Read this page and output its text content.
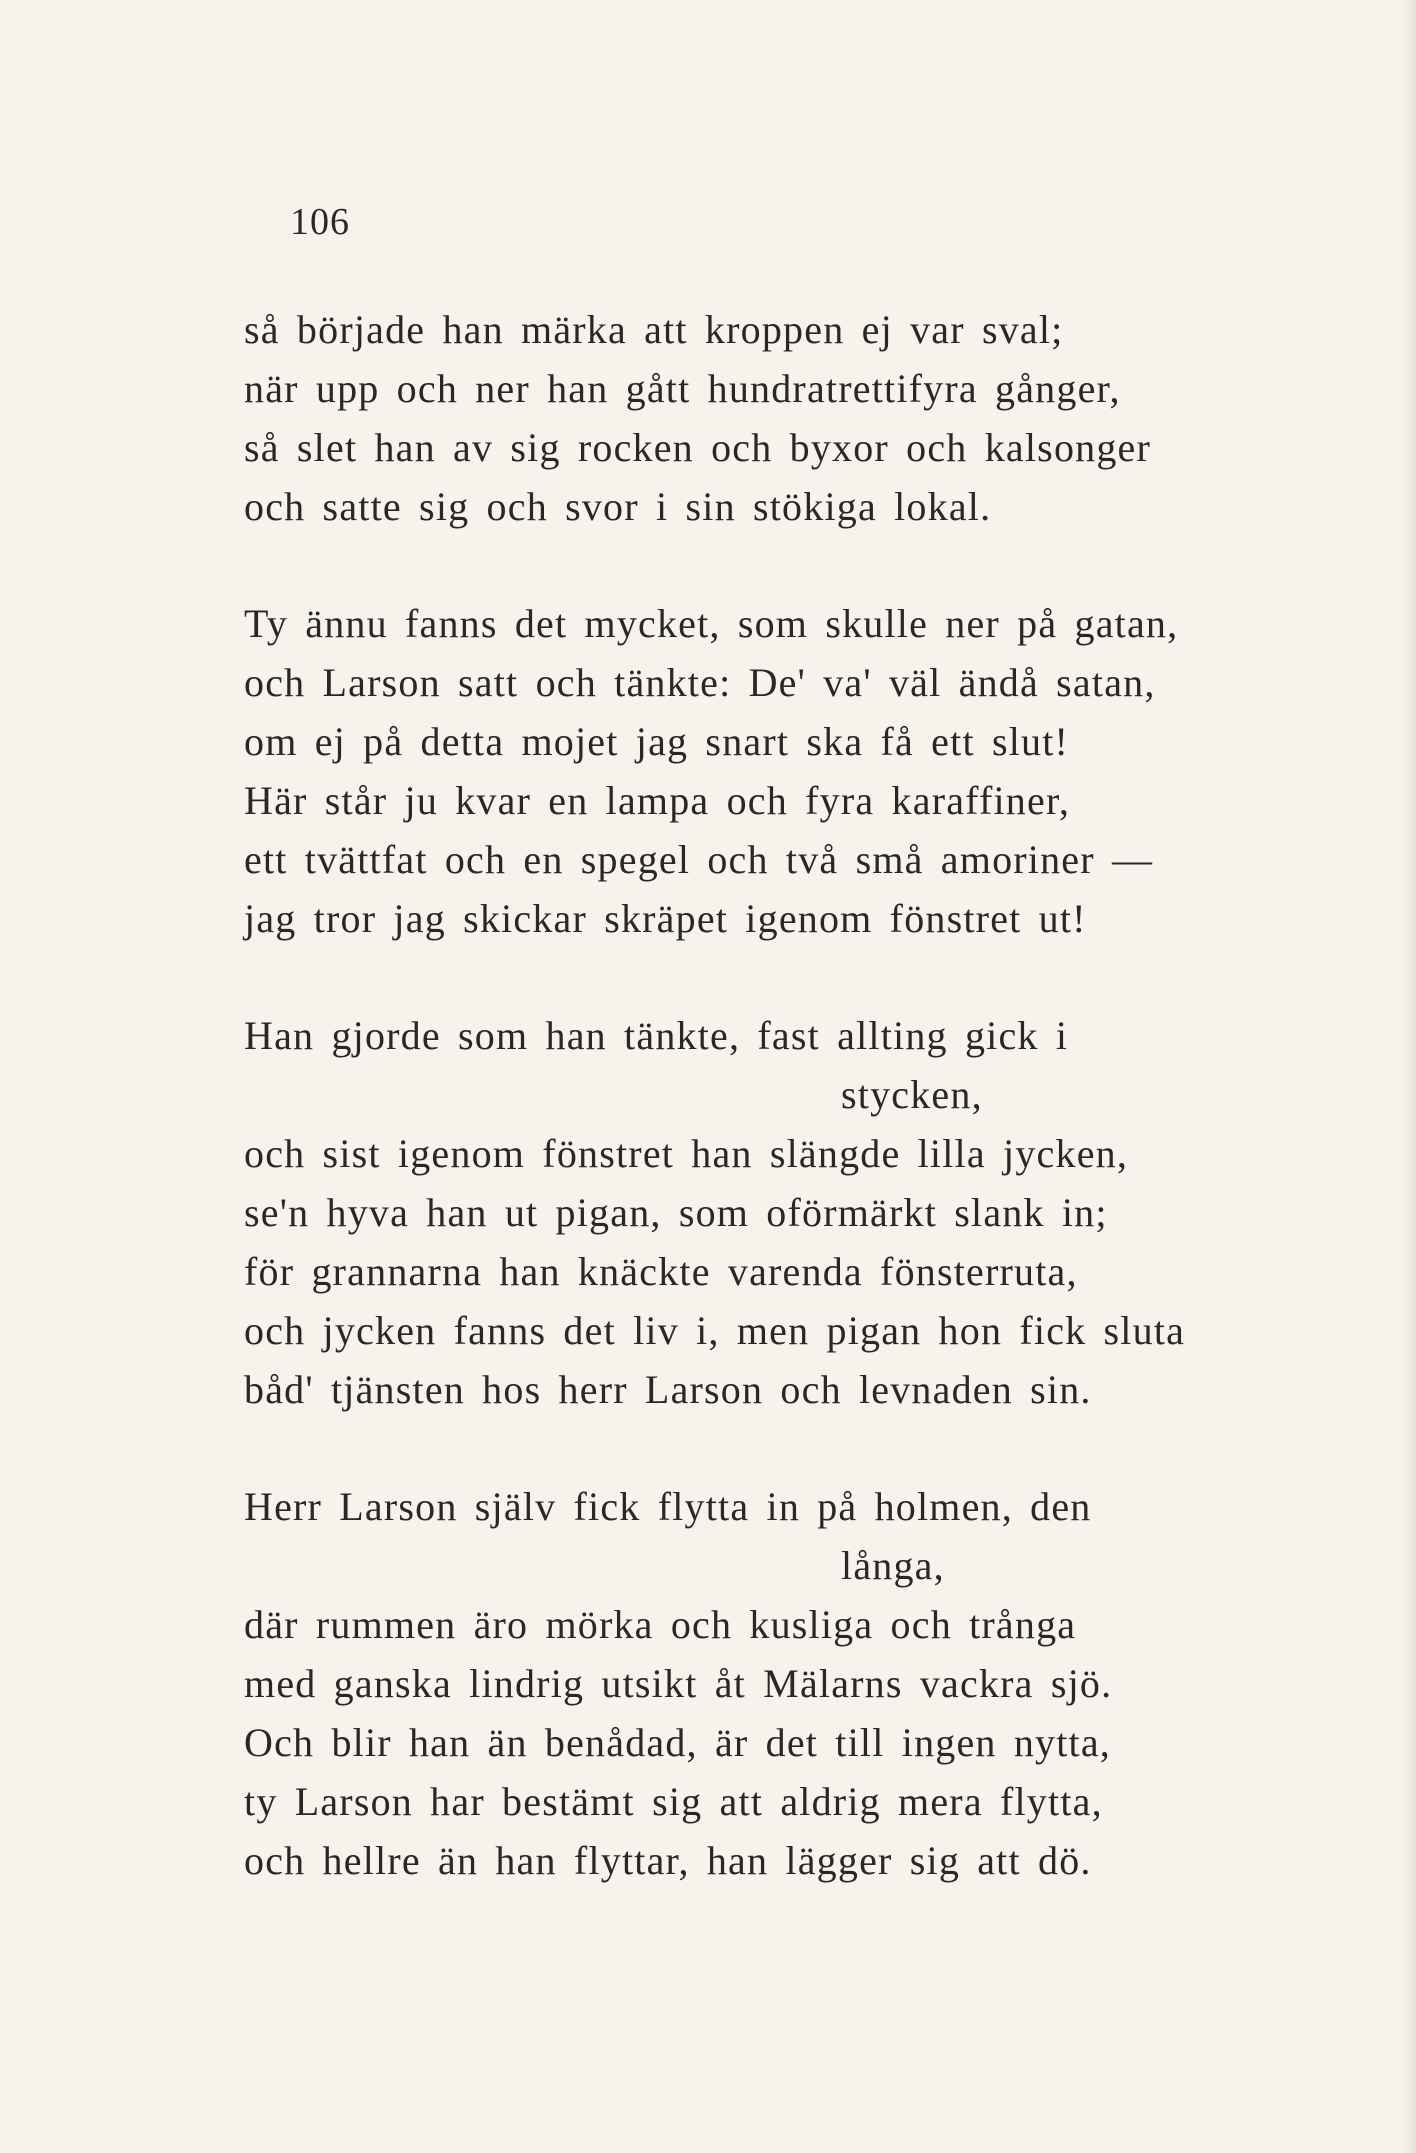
106
så började han märka att kroppen ej var sval;
när upp och ner han gått hundratrettifyra gånger,
så slet han av sig rocken och byxor och kalsonger
och satte sig och svor i sin stökiga lokal.
Ty ännu fanns det mycket, som skulle ner på gatan,
och Larson satt och tänkte: De' va' väl ändå satan,
om ej på detta mojet jag snart ska få ett slut!
Här står ju kvar en lampa och fyra karaffiner,
ett tvättfat och en spegel och två små amoriner —
jag tror jag skickar skräpet igenom fönstret ut!
Han gjorde som han tänkte, fast allting gick i
stycken,
och sist igenom fönstret han slängde lilla jycken,
se'n hyva han ut pigan, som oförmärkt slank in;
för grannarna han knäckte varenda fönsterruta,
och jycken fanns det liv i, men pigan hon fick sluta
båd' tjänsten hos herr Larson och levnaden sin.
Herr Larson själv fick flytta in på holmen, den
långa,
där rummen äro mörka och kusliga och trånga
med ganska lindrig utsikt åt Mälarns vackra sjö.
Och blir han än benådad, är det till ingen nytta,
ty Larson har bestämt sig att aldrig mera flytta,
och hellre än han flyttar, han lägger sig att dö.
